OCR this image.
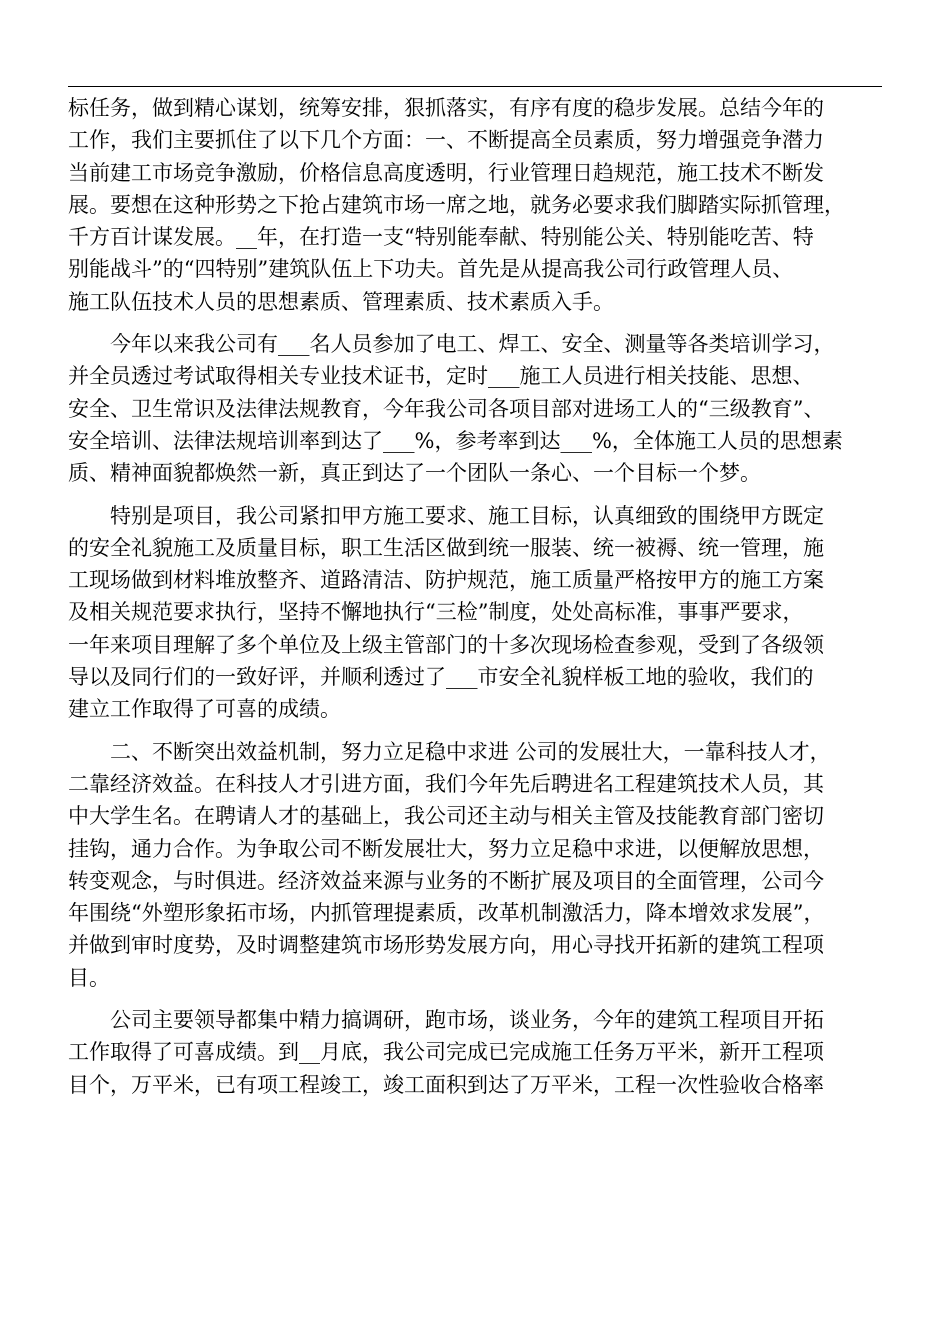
标任务，做到精心谋划，统筹安排，狠抓落实，有序有度的稳步发展。总结今年的
工作，我们主要抓住了以下几个方面：一、不断提高全员素质，努力增强竞争潜力
当前建工市场竞争激励，价格信息高度透明，行业管理日趋规范，施工技术不断发
展。要想在这种形势之下抢占建筑市场一席之地，就务必要求我们脚踏实际抓管理，
千方百计谋发展。__年，在打造一支“特别能奉献、特别能公关、特别能吃苦、特
别能战斗”的“四特别”建筑队伍上下功夫。首先是从提高我公司行政管理人员、
施工队伍技术人员的思想素质、管理素质、技术素质入手。

今年以来我公司有___名人员参加了电工、焊工、安全、测量等各类培训学习，
并全员透过考试取得相关专业技术证书，定时___施工人员进行相关技能、思想、
安全、卫生常识及法律法规教育，今年我公司各项目部对进场工人的“三级教育”、
安全培训、法律法规培训率到达了___%，参考率到达___%，全体施工人员的思想素
质、精神面貌都焕然一新，真正到达了一个团队一条心、一个目标一个梦。

特别是项目，我公司紧扣甲方施工要求、施工目标，认真细致的围绕甲方既定
的安全礼貌施工及质量目标，职工生活区做到统一服装、统一被褥、统一管理，施
工现场做到材料堆放整齐、道路清洁、防护规范，施工质量严格按甲方的施工方案
及相关规范要求执行，坚持不懈地执行“三检”制度，处处高标准，事事严要求，
一年来项目理解了多个单位及上级主管部门的十多次现场检查参观，受到了各级领
导以及同行们的一致好评，并顺利透过了___市安全礼貌样板工地的验收，我们的
建立工作取得了可喜的成绩。

二、不断突出效益机制，努力立足稳中求进 公司的发展壮大，一靠科技人才，
二靠经济效益。在科技人才引进方面，我们今年先后聘进名工程建筑技术人员，其
中大学生名。在聘请人才的基础上，我公司还主动与相关主管及技能教育部门密切
挂钩，通力合作。为争取公司不断发展壮大，努力立足稳中求进，以便解放思想，
转变观念，与时俱进。经济效益来源与业务的不断扩展及项目的全面管理，公司今
年围绕“外塑形象拓市场，内抓管理提素质，改革机制激活力，降本增效求发展”，
并做到审时度势，及时调整建筑市场形势发展方向，用心寻找开拓新的建筑工程项
目。

公司主要领导都集中精力搞调研，跑市场，谈业务，今年的建筑工程项目开拓
工作取得了可喜成绩。到__月底，我公司完成已完成施工任务万平米，新开工程项
目个，万平米，已有项工程竣工，竣工面积到达了万平米，工程一次性验收合格率
